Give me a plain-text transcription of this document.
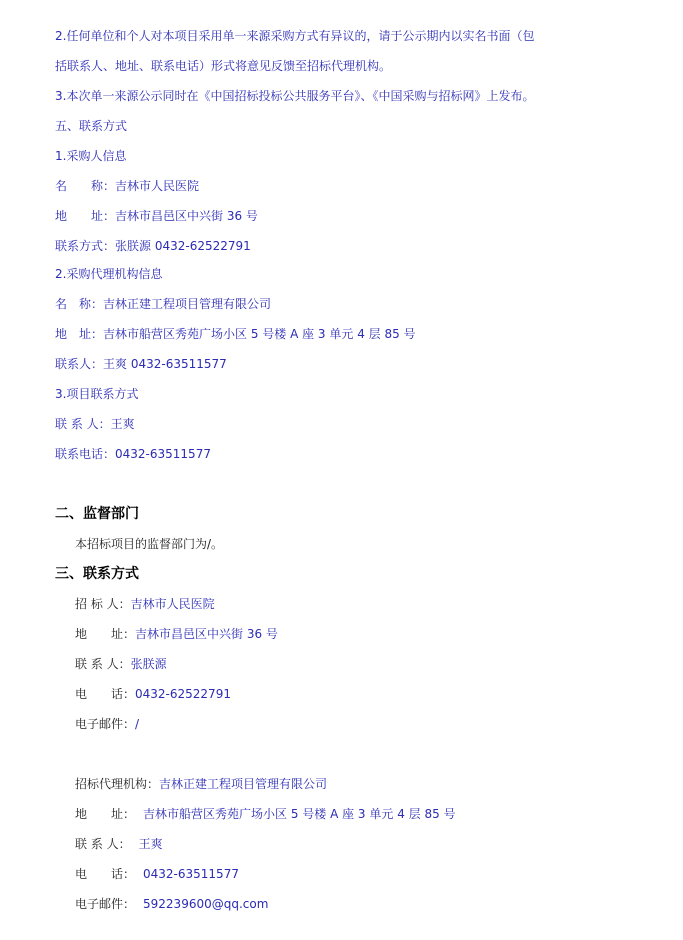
2.任何单位和个人对本项目采用单一来源采购方式有异议的，请于公示期内以实名书面（包
括联系人、地址、联系电话）形式将意见反馈至招标代理机构。
3.本次单一来源公示同时在《中国招标投标公共服务平台》、《中国采购与招标网》上发布。
五、联系方式
1.采购人信息
名　　称：吉林市人民医院
地　　址：吉林市昌邑区中兴街 36 号
联系方式：张朕源 0432-62522791
2.采购代理机构信息
名　称：吉林正建工程项目管理有限公司
地　址：吉林市船营区秀苑广场小区 5 号楼 A 座 3 单元 4 层 85 号
联系人：王爽 0432-63511577
3.项目联系方式
联 系 人：王爽
联系电话：0432-63511577
二、监督部门
本招标项目的监督部门为/。
三、联系方式
招 标 人：吉林市人民医院
地　　址：吉林市昌邑区中兴街 36 号
联 系 人：张朕源
电　　话：0432-62522791
电子邮件：/
招标代理机构：吉林正建工程项目管理有限公司
地　　址： 吉林市船营区秀苑广场小区 5 号楼 A 座 3 单元 4 层 85 号
联 系 人： 王爽
电　　话： 0432-63511577
电子邮件： 592239600@qq.com
